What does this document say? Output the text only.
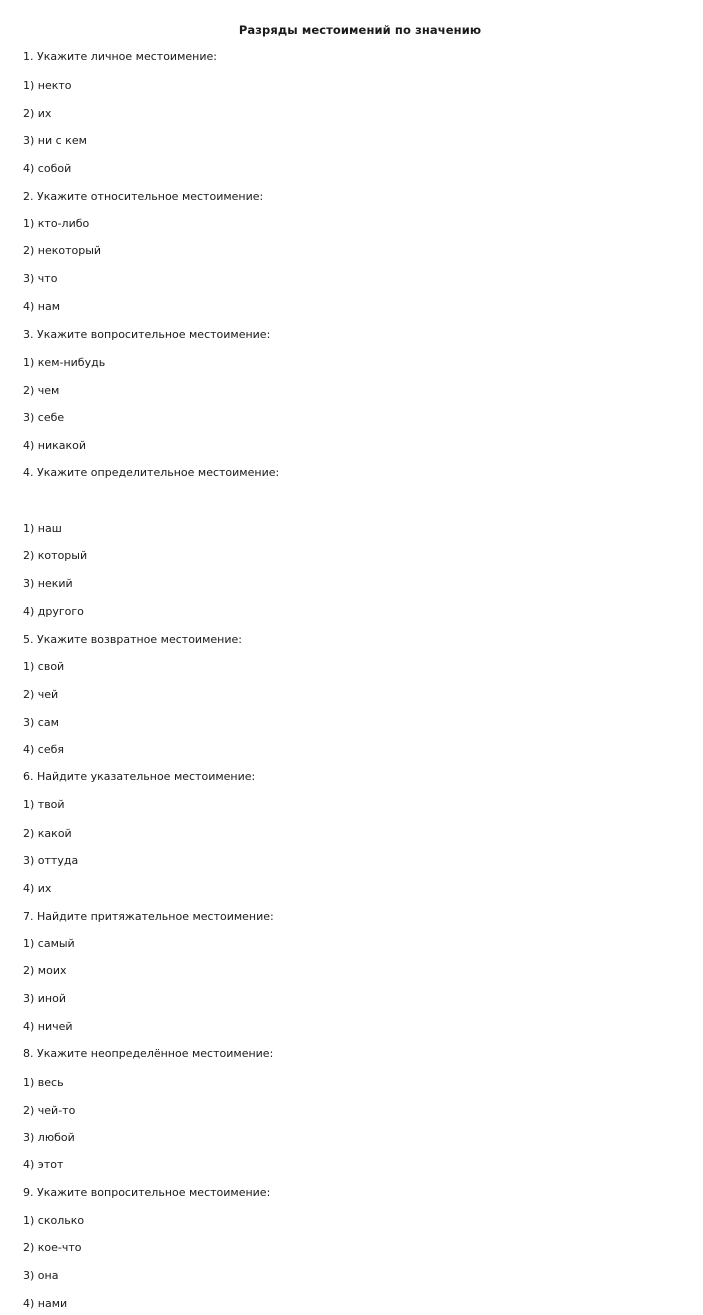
Разряды местоимений по значению
1. Укажите личное местоимение:
1) некто
2) их
3) ни с кем
4) собой
2. Укажите относительное местоимение:
1) кто-либо
2) некоторый
3) что
4) нам
3. Укажите вопросительное местоимение:
1) кем-нибудь
2) чем
3) себе
4) никакой
4. Укажите определительное местоимение:
1) наш
2) который
3) некий
4) другого
5. Укажите возвратное местоимение:
1) свой
2) чей
3) сам
4) себя
6. Найдите указательное местоимение:
1) твой
2) какой
3) оттуда
4) их
7. Найдите притяжательное местоимение:
1) самый
2) моих
3) иной
4) ничей
8. Укажите неопределённое местоимение:
1) весь
2) чей-то
3) любой
4) этот
9. Укажите вопросительное местоимение:
1) сколько
2) кое-что
3) она
4) нами
